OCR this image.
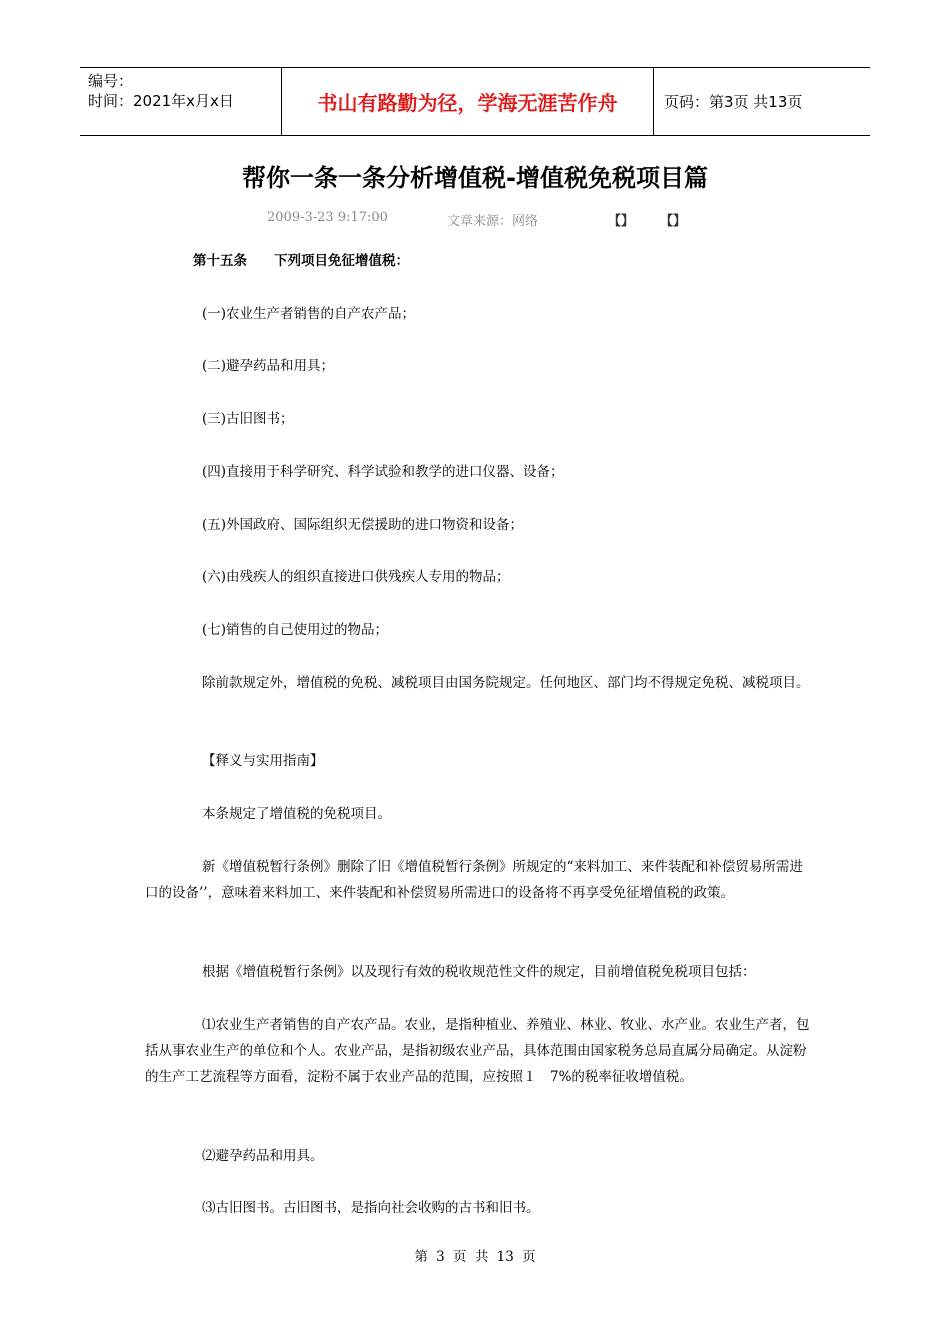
编号：
时间：2021年x月x日	书山有路勤为径，学海无涯苦作舟	页码：第3页 共13页
帮你一条一条分析增值税-增值税免税项目篇
2009-3-23 9:17:00	文章来源：网络	【】 【】
第十五条　　下列项目免征增值税：
(一)农业生产者销售的自产农产品；
(二)避孕药品和用具；
(三)古旧图书；
(四)直接用于科学研究、科学试验和教学的进口仪器、设备；
(五)外国政府、国际组织无偿援助的进口物资和设备；
(六)由残疾人的组织直接进口供残疾人专用的物品；
(七)销售的自己使用过的物品；
除前款规定外，增值税的免税、减税项目由国务院规定。任何地区、部门均不得规定免税、减税项目。
【释义与实用指南】
本条规定了增值税的免税项目。
新《增值税暂行条例》删除了旧《增值税暂行条例》所规定的“来料加工、来件装配和补偿贸易所需进口的设备’’，意味着来料加工、来件装配和补偿贸易所需进口的设备将不再享受免征增值税的政策。
根据《增值税暂行条例》以及现行有效的税收规范性文件的规定，目前增值税免税项目包括：
⑴农业生产者销售的自产农产品。农业，是指种植业、养殖业、林业、牧业、水产业。农业生产者，包括从事农业生产的单位和个人。农业产品，是指初级农业产品，具体范围由国家税务总局直属分局确定。从淀粉的生产工艺流程等方面看，淀粉不属于农业产品的范围，应按照１　7%的税率征收增值税。
⑵避孕药品和用具。
⑶古旧图书。古旧图书，是指向社会收购的古书和旧书。
第 3 页 共 13 页
